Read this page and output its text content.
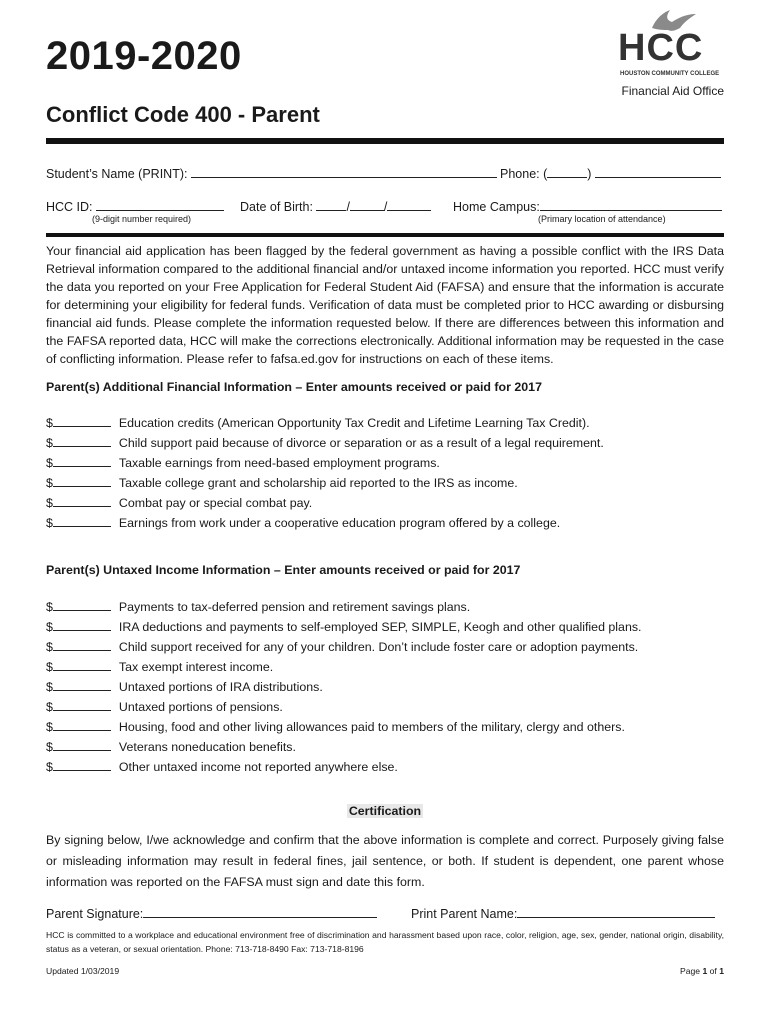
2019-2020
Conflict Code 400 - Parent
HCC
HOUSTON COMMUNITY COLLEGE
Financial Aid Office
Student’s Name (PRINT):	Phone: (	)
HCC ID:
(9-digit number required)
Date of Birth:	/	/	Home Campus:
(Primary location of attendance)
Your financial aid application has been flagged by the federal government as having a possible conflict with the IRS Data Retrieval information compared to the additional financial and/or untaxed income information you reported. HCC must verify the data you reported on your Free Application for Federal Student Aid (FAFSA) and ensure that the information is accurate for determining your eligibility for federal funds. Verification of data must be completed prior to HCC awarding or disbursing financial aid funds. Please complete the information requested below. If there are differences between this information and the FAFSA reported data, HCC will make the corrections electronically. Additional information may be requested in the case of conflicting information. Please refer to fafsa.ed.gov for instructions on each of these items.
Parent(s) Additional Financial Information – Enter amounts received or paid for 2017
$	Education credits (American Opportunity Tax Credit and Lifetime Learning Tax Credit).
$	Child support paid because of divorce or separation or as a result of a legal requirement.
$	Taxable earnings from need-based employment programs.
$	Taxable college grant and scholarship aid reported to the IRS as income.
$	Combat pay or special combat pay.
$	Earnings from work under a cooperative education program offered by a college.
Parent(s) Untaxed Income Information – Enter amounts received or paid for 2017
$	Payments to tax-deferred pension and retirement savings plans.
$	IRA deductions and payments to self-employed SEP, SIMPLE, Keogh and other qualified plans.
$	Child support received for any of your children. Don’t include foster care or adoption payments.
$	Tax exempt interest income.
$	Untaxed portions of IRA distributions.
$	Untaxed portions of pensions.
$	Housing, food and other living allowances paid to members of the military, clergy and others.
$	Veterans noneducation benefits.
$	Other untaxed income not reported anywhere else.
Certification
By signing below, I/we acknowledge and confirm that the above information is complete and correct. Purposely giving false or misleading information may result in federal fines, jail sentence, or both. If student is dependent, one parent whose information was reported on the FAFSA must sign and date this form.
Parent Signature:	Print Parent Name:
HCC is committed to a workplace and educational environment free of discrimination and harassment based upon race, color, religion, age, sex, gender, national origin, disability, status as a veteran, or sexual orientation. Phone: 713-718-8490 Fax: 713-718-8196
Updated 1/03/2019	Page 1 of 1
